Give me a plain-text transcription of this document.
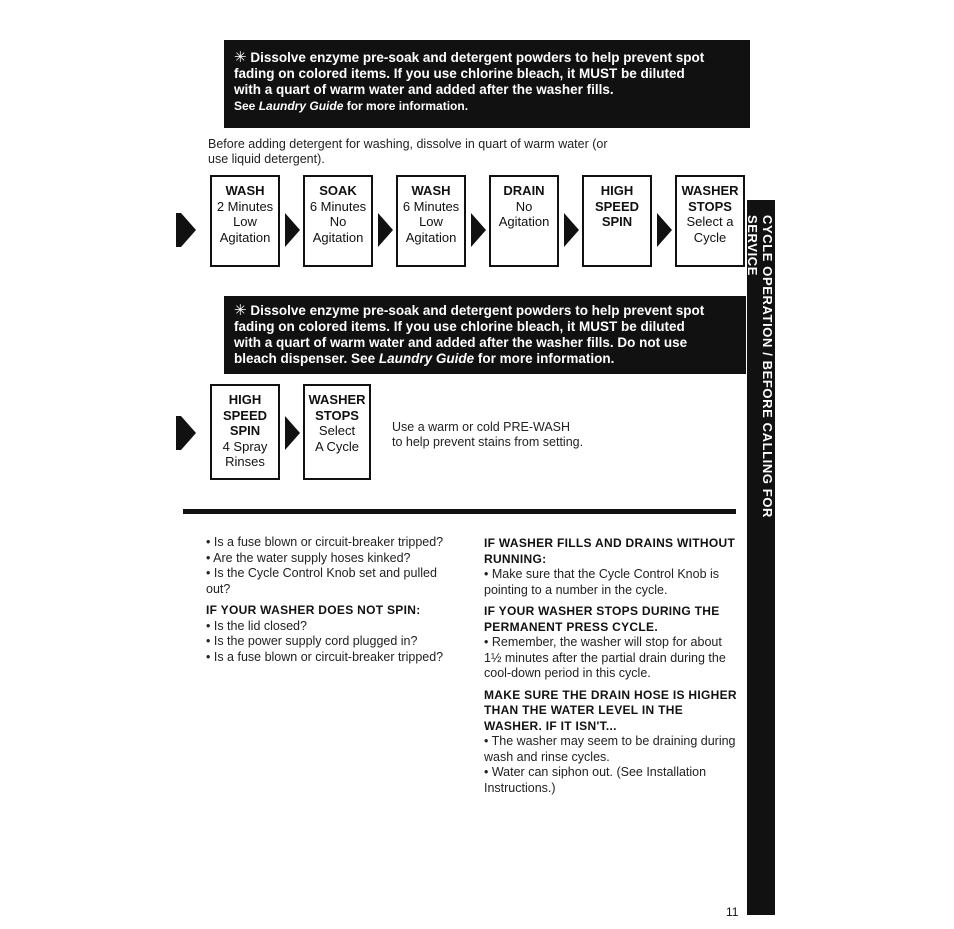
✳ Dissolve enzyme pre-soak and detergent powders to help prevent spot

fading on colored items. If you use chlorine bleach, it MUST be diluted

with a quart of warm water and added after the washer fills.

See Laundry Guide for more information.

Before adding detergent for washing, dissolve in quart of warm water (or
use liquid detergent).
WASH
2 Minutes
Low
Agitation
SOAK
6 Minutes
No
Agitation
WASH
6 Minutes
Low
Agitation
DRAIN
No
Agitation
HIGH
SPEED
SPIN
WASHER
STOPS
Select a
Cycle

✳ Dissolve enzyme pre-soak and detergent powders to help prevent spot

fading on colored items. If you use chlorine bleach, it MUST be diluted

with a quart of warm water and added after the washer fills. Do not use

bleach dispenser. See Laundry Guide for more information.

HIGH
SPEED
SPIN
4 Spray
Rinses
WASHER
STOPS
Select
A Cycle
Use a warm or cold PRE-WASH
to help prevent stains from setting.	CYCLE OPERATION / BEFORE CALLING FOR SERVICE

• Is a fuse blown or circuit-breaker tripped?

• Are the water supply hoses kinked?

• Is the Cycle Control Knob set and pulled out?

IF YOUR WASHER DOES NOT SPIN:

• Is the lid closed?

• Is the power supply cord plugged in?

• Is a fuse blown or circuit-breaker tripped?

IF WASHER FILLS AND DRAINS WITHOUT RUNNING:

• Make sure that the Cycle Control Knob is pointing to a number in the cycle.

IF YOUR WASHER STOPS DURING THE PERMANENT PRESS CYCLE.

• Remember, the washer will stop for about 1½ minutes after the partial drain during the cool-down period in this cycle.

MAKE SURE THE DRAIN HOSE IS HIGHER THAN THE WATER LEVEL IN THE WASHER. IF IT ISN'T...

• The washer may seem to be draining during wash and rinse cycles.

• Water can siphon out. (See Installation Instructions.)

11
